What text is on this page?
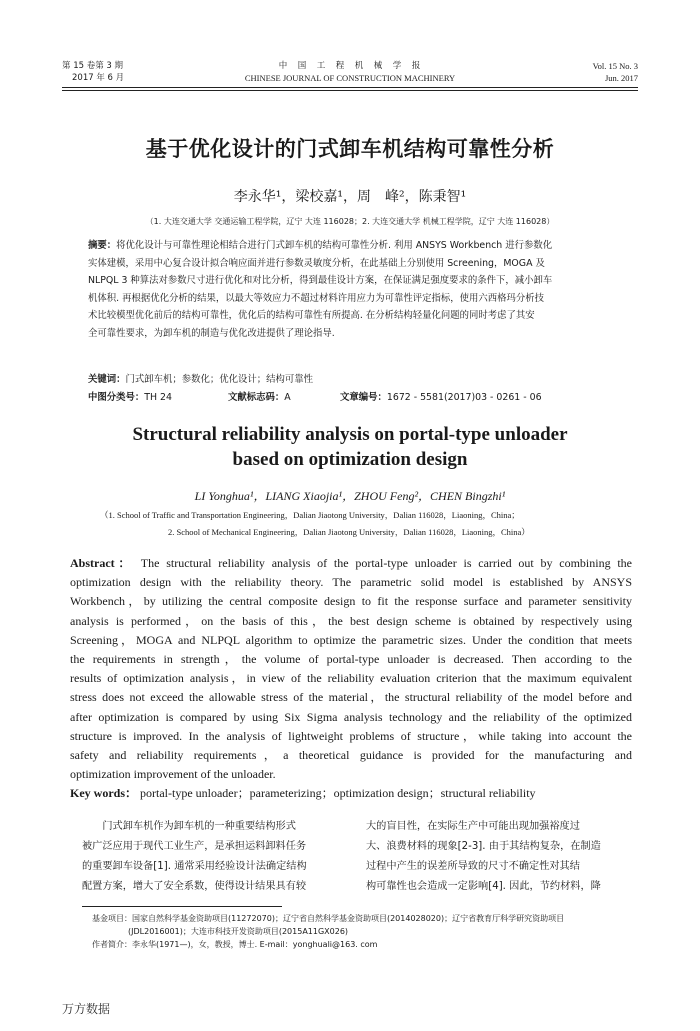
第 15 卷第 3 期
2017 年 6 月
中　国　工　程　机　械　学　报
CHINESE JOURNAL OF CONSTRUCTION MACHINERY
Vol. 15 No. 3
Jun. 2017
基于优化设计的门式卸车机结构可靠性分析
李永华¹，梁校嘉¹，周　峰²，陈秉智¹
（1. 大连交通大学 交通运输工程学院，辽宁 大连 116028；2. 大连交通大学 机械工程学院，辽宁 大连 116028）
摘要：将优化设计与可靠性理论相结合进行门式卸车机的结构可靠性分析. 利用 ANSYS Workbench 进行参数化
实体建模，采用中心复合设计拟合响应面并进行参数灵敏度分析，在此基础上分别使用 Screening，MOGA 及
NLPQL 3 种算法对参数尺寸进行优化和对比分析，得到最佳设计方案，在保证满足强度要求的条件下，减小卸车
机体积. 再根据优化分析的结果，以最大等效应力不超过材料许用应力为可靠性评定指标，使用六西格玛分析技
术比较模型优化前后的结构可靠性，优化后的结构可靠性有所提高. 在分析结构轻量化问题的同时考虑了其安
全可靠性要求，为卸车机的制造与优化改进提供了理论指导.
关键词：门式卸车机；参数化；优化设计；结构可靠性
中图分类号：TH 24	文献标志码：A	文章编号：1672 - 5581(2017)03 - 0261 - 06
Structural reliability analysis on portal-type unloader
based on optimization design
LI Yonghua¹，LIANG Xiaojia¹，ZHOU Feng²，CHEN Bingzhi¹
（1. School of Traffic and Transportation Engineering，Dalian Jiaotong University，Dalian 116028，Liaoning，China；
2. School of Mechanical Engineering，Dalian Jiaotong University，Dalian 116028，Liaoning，China）
Abstract： The structural reliability analysis of the portal-type unloader is carried out by combining the
optimization design with the reliability theory. The parametric solid model is established by ANSYS
Workbench，by utilizing the central composite design to fit the response surface and parameter sensitivity
analysis is performed，on the basis of this，the best design scheme is obtained by respectively using
Screening，MOGA and NLPQL algorithm to optimize the parametric sizes. Under the condition that meets
the requirements in strength，the volume of portal-type unloader is decreased. Then according to the
results of optimization analysis，in view of the reliability evaluation criterion that the maximum equivalent
stress does not exceed the allowable stress of the material，the structural reliability of the model before and
after optimization is compared by using Six Sigma analysis technology and the reliability of the optimized
structure is improved. In the analysis of lightweight problems of structure，while taking into account the
safety and reliability requirements，a theoretical guidance is provided for the manufacturing and
optimization improvement of the unloader.
Key words： portal-type unloader；parameterizing；optimization design；structural reliability
　　门式卸车机作为卸车机的一种重要结构形式
被广泛应用于现代工业生产，是承担运料卸料任务
的重要卸车设备[1]. 通常采用经验设计法确定结构
配置方案，增大了安全系数，使得设计结果具有较
大的盲目性，在实际生产中可能出现加强裕度过
大、浪费材料的现象[2-3]. 由于其结构复杂，在制造
过程中产生的误差所导致的尺寸不确定性对其结
构可靠性也会造成一定影响[4]. 因此，节约材料，降
基金项目：国家自然科学基金资助项目(11272070)；辽宁省自然科学基金资助项目(2014028020)；辽宁省教育厅科学研究资助项目
(JDL2016001)；大连市科技开发资助项目(2015A11GX026)
作者简介：李永华(1971—)，女，教授，博士. E-mail：yonghuali@163. com
万方数据
